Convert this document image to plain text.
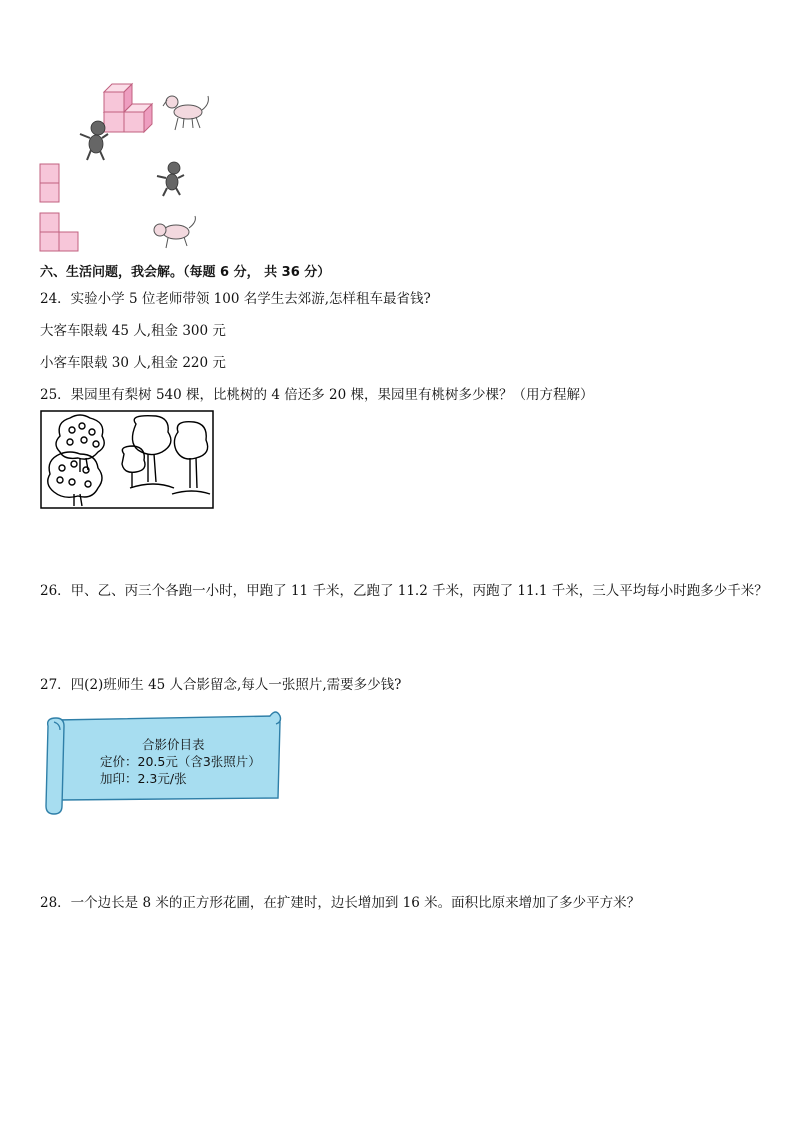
六、生活问题，我会解。（每题 6 分， 共 36 分）
24．实验小学 5 位老师带领 100 名学生去郊游,怎样租车最省钱?
大客车限载 45 人,租金 300 元
小客车限载 30 人,租金 220 元
25．果园里有梨树 540 棵，比桃树的 4 倍还多 20 棵，果园里有桃树多少棵？（用方程解）
26．甲、乙、丙三个各跑一小时，甲跑了 11 千米，乙跑了 11.2 千米，丙跑了 11.1 千米，三人平均每小时跑多少千米？
27．四(2)班师生 45 人合影留念,每人一张照片,需要多少钱?
合影价目表
定价：20.5元（含3张照片）
加印：2.3元/张
28．一个边长是 8 米的正方形花圃，在扩建时，边长增加到 16 米。面积比原来增加了多少平方米？
